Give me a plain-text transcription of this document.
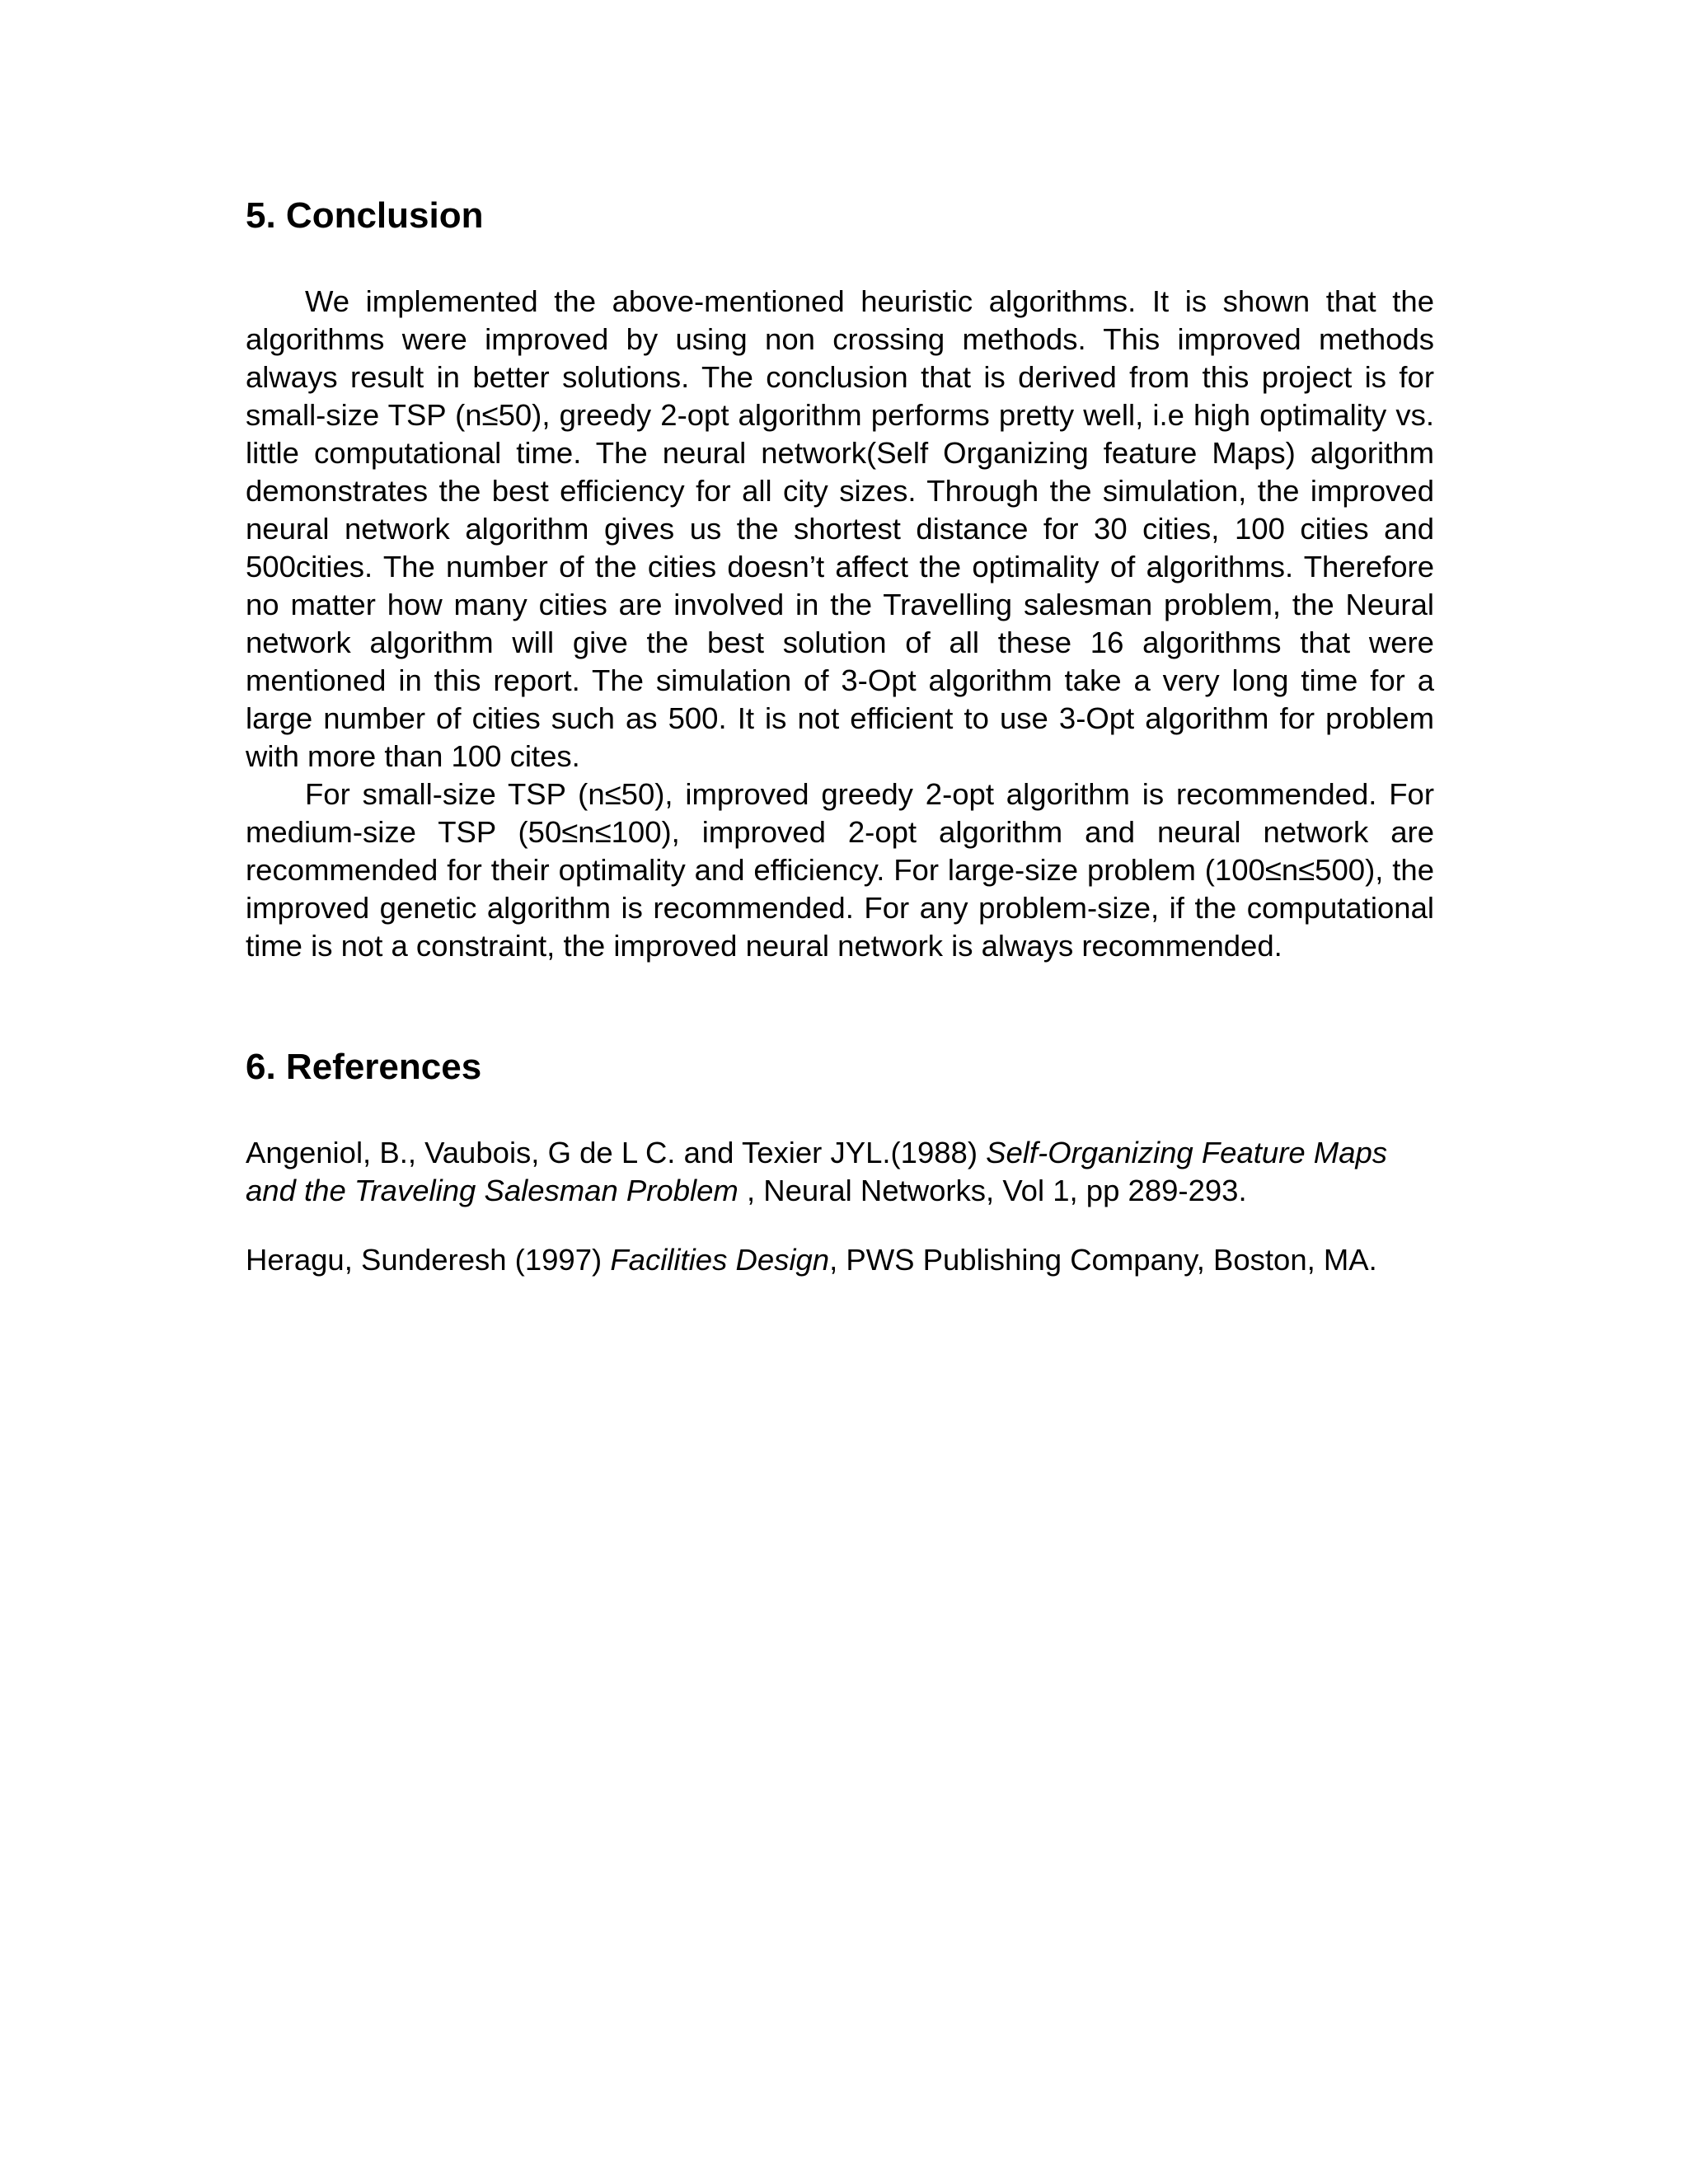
5. Conclusion

We implemented the above-mentioned heuristic algorithms. It is shown that the algorithms were improved by using non crossing methods. This improved methods always result in better solutions. The conclusion that is derived from this project is for small-size TSP (n≤50), greedy 2-opt algorithm performs pretty well, i.e high optimality vs. little computational time. The neural network(Self Organizing feature Maps) algorithm demonstrates the best efficiency for all city sizes. Through the simulation, the improved neural network algorithm gives us the shortest distance for 30 cities, 100 cities and 500cities. The number of the cities doesn’t affect the optimality of algorithms. Therefore no matter how many cities are involved in the Travelling salesman problem, the Neural network algorithm will give the best solution of all these 16 algorithms that were mentioned in this report. The simulation of 3-Opt algorithm take a very long time for a large number of cities such as 500. It is not efficient to use 3-Opt algorithm for problem with more than 100 cites.

For small-size TSP (n≤50), improved greedy 2-opt algorithm is recommended. For medium-size TSP (50≤n≤100), improved 2-opt algorithm and neural network are recommended for their optimality and efficiency. For large-size problem (100≤n≤500), the improved genetic algorithm is recommended. For any problem-size, if the computational time is not a constraint, the improved neural network is always recommended.

6. References

Angeniol, B., Vaubois, G de L C. and Texier JYL.(1988) Self-Organizing Feature Maps and the Traveling Salesman Problem , Neural Networks, Vol 1, pp 289-293.

Heragu, Sunderesh (1997) Facilities Design, PWS Publishing Company, Boston, MA.
